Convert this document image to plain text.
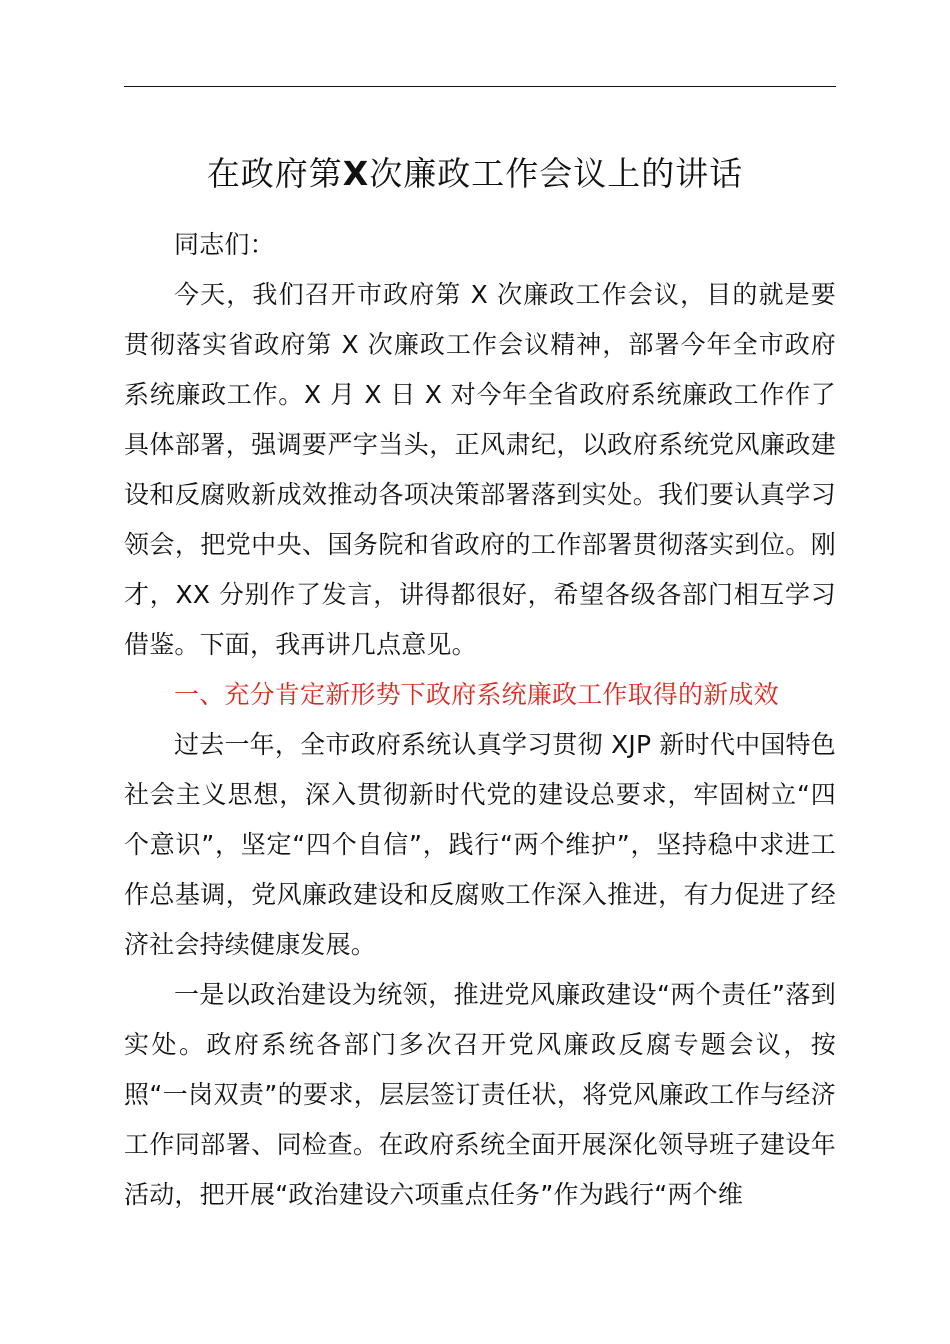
在政府第X次廉政工作会议上的讲话

同志们：

今天，我们召开市政府第 X 次廉政工作会议，目的就是要贯彻落实省政府第 X 次廉政工作会议精神，部署今年全市政府系统廉政工作。X 月 X 日 X 对今年全省政府系统廉政工作作了具体部署，强调要严字当头，正风肃纪，以政府系统党风廉政建设和反腐败新成效推动各项决策部署落到实处。我们要认真学习领会，把党中央、国务院和省政府的工作部署贯彻落实到位。刚才，XX 分别作了发言，讲得都很好，希望各级各部门相互学习借鉴。下面，我再讲几点意见。

一、充分肯定新形势下政府系统廉政工作取得的新成效

过去一年，全市政府系统认真学习贯彻 XJP 新时代中国特色社会主义思想，深入贯彻新时代党的建设总要求，牢固树立“四个意识”，坚定“四个自信”，践行“两个维护”，坚持稳中求进工作总基调，党风廉政建设和反腐败工作深入推进，有力促进了经济社会持续健康发展。

一是以政治建设为统领，推进党风廉政建设“两个责任”落到实处。政府系统各部门多次召开党风廉政反腐专题会议，按照“一岗双责”的要求，层层签订责任状，将党风廉政工作与经济工作同部署、同检查。在政府系统全面开展深化领导班子建设年活动，把开展“政治建设六项重点任务”作为践行“两个维
